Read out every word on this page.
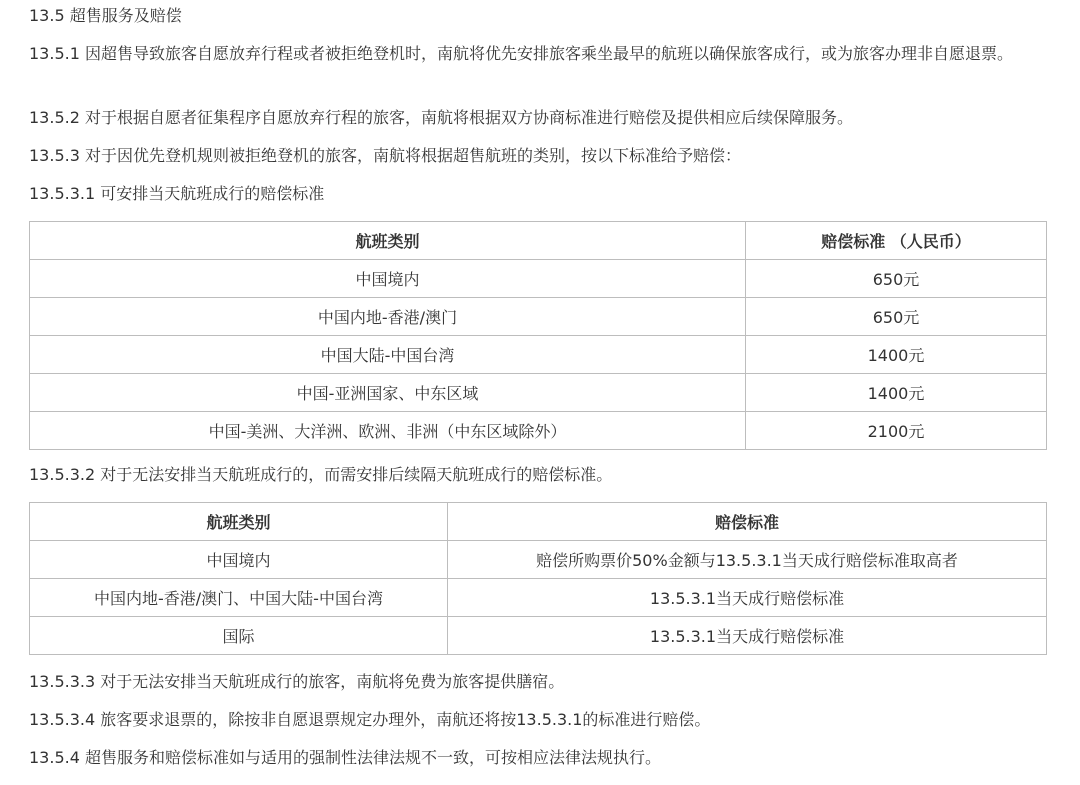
13.5 超售服务及赔偿

13.5.1 因超售导致旅客自愿放弃行程或者被拒绝登机时，南航将优先安排旅客乘坐最早的航班以确保旅客成行，或为旅客办理非自愿退票。

13.5.2 对于根据自愿者征集程序自愿放弃行程的旅客，南航将根据双方协商标准进行赔偿及提供相应后续保障服务。

13.5.3 对于因优先登机规则被拒绝登机的旅客，南航将根据超售航班的类别，按以下标准给予赔偿：

13.5.3.1 可安排当天航班成行的赔偿标准

航班类别	赔偿标准 （人民币）
中国境内	650元
中国内地-香港/澳门	650元
中国大陆-中国台湾	1400元
中国-亚洲国家、中东区域	1400元
中国-美洲、大洋洲、欧洲、非洲（中东区域除外）	2100元

13.5.3.2 对于无法安排当天航班成行的，而需安排后续隔天航班成行的赔偿标准。

航班类别	赔偿标准
中国境内	赔偿所购票价50%金额与13.5.3.1当天成行赔偿标准取高者
中国内地-香港/澳门、中国大陆-中国台湾	13.5.3.1当天成行赔偿标准
国际	13.5.3.1当天成行赔偿标准

13.5.3.3 对于无法安排当天航班成行的旅客，南航将免费为旅客提供膳宿。

13.5.3.4 旅客要求退票的，除按非自愿退票规定办理外，南航还将按13.5.3.1的标准进行赔偿。

13.5.4 超售服务和赔偿标准如与适用的强制性法律法规不一致，可按相应法律法规执行。
